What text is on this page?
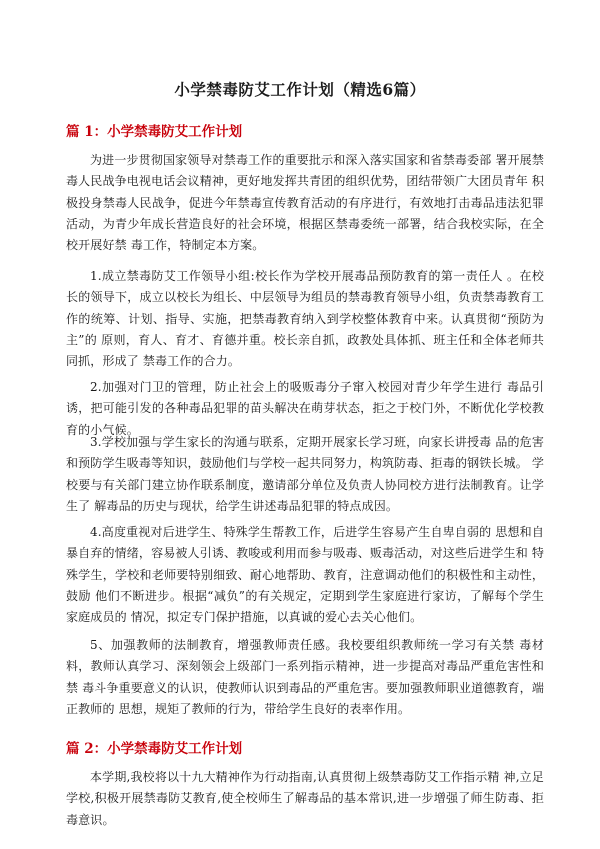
小学禁毒防艾工作计划（精选6篇）
篇 1：小学禁毒防艾工作计划

为进一步贯彻国家领导对禁毒工作的重要批示和深入落实国家和省禁毒委部 署开展禁毒人民战争电视电话会议精神，更好地发挥共青团的组织优势，团结带领广大团员青年 积极投身禁毒人民战争，促进今年禁毒宣传教育活动的有序进行，有效地打击毒品违法犯罪活动，为青少年成长营造良好的社会环境，根据区禁毒委统一部署，结合我校实际，在全校开展好禁 毒工作，特制定本方案。

1.成立禁毒防艾工作领导小组:校长作为学校开展毒品预防教育的第一责任人 。在校长的领导下，成立以校长为组长、中层领导为组员的禁毒教育领导小组，负责禁毒教育工 作的统筹、计划、指导、实施，把禁毒教育纳入到学校整体教育中来。认真贯彻“预防为主”的 原则，育人、育才、育德并重。校长亲自抓，政教处具体抓、班主任和全体老师共同抓，形成了 禁毒工作的合力。

2.加强对门卫的管理，防止社会上的吸贩毒分子窜入校园对青少年学生进行 毒品引诱，把可能引发的各种毒品犯罪的苗头解决在萌芽状态，拒之于校门外，不断优化学校教 育的小气候。

3.学校加强与学生家长的沟通与联系，定期开展家长学习班，向家长讲授毒 品的危害和预防学生吸毒等知识，鼓励他们与学校一起共同努力，构筑防毒、拒毒的钢铁长城。 学校要与有关部门建立协作联系制度，邀请部分单位及负责人协同校方进行法制教育。让学生了 解毒品的历史与现状，给学生讲述毒品犯罪的特点成因。

4.高度重视对后进学生、特殊学生帮教工作，后进学生容易产生自卑自弱的 思想和自暴自弃的情绪，容易被人引诱、教唆或利用而参与吸毒、贩毒活动，对这些后进学生和 特殊学生，学校和老师要特别细致、耐心地帮助、教育，注意调动他们的积极性和主动性，鼓励 他们不断进步。根据“减负”的有关规定，定期到学生家庭进行家访，了解每个学生家庭成员的 情况，拟定专门保护措施，以真诚的爱心去关心他们。

5、加强教师的法制教育，增强教师责任感。我校要组织教师统一学习有关禁 毒材料，教师认真学习、深刻领会上级部门一系列指示精神，进一步提高对毒品严重危害性和禁 毒斗争重要意义的认识，使教师认识到毒品的严重危害。要加强教师职业道德教育，端正教师的 思想，规矩了教师的行为，带给学生良好的表率作用。

篇 2：小学禁毒防艾工作计划

本学期,我校将以十九大精神作为行动指南,认真贯彻上级禁毒防艾工作指示精 神,立足学校,积极开展禁毒防艾教育,使全校师生了解毒品的基本常识,进一步增强了师生防毒、拒 毒意识。
